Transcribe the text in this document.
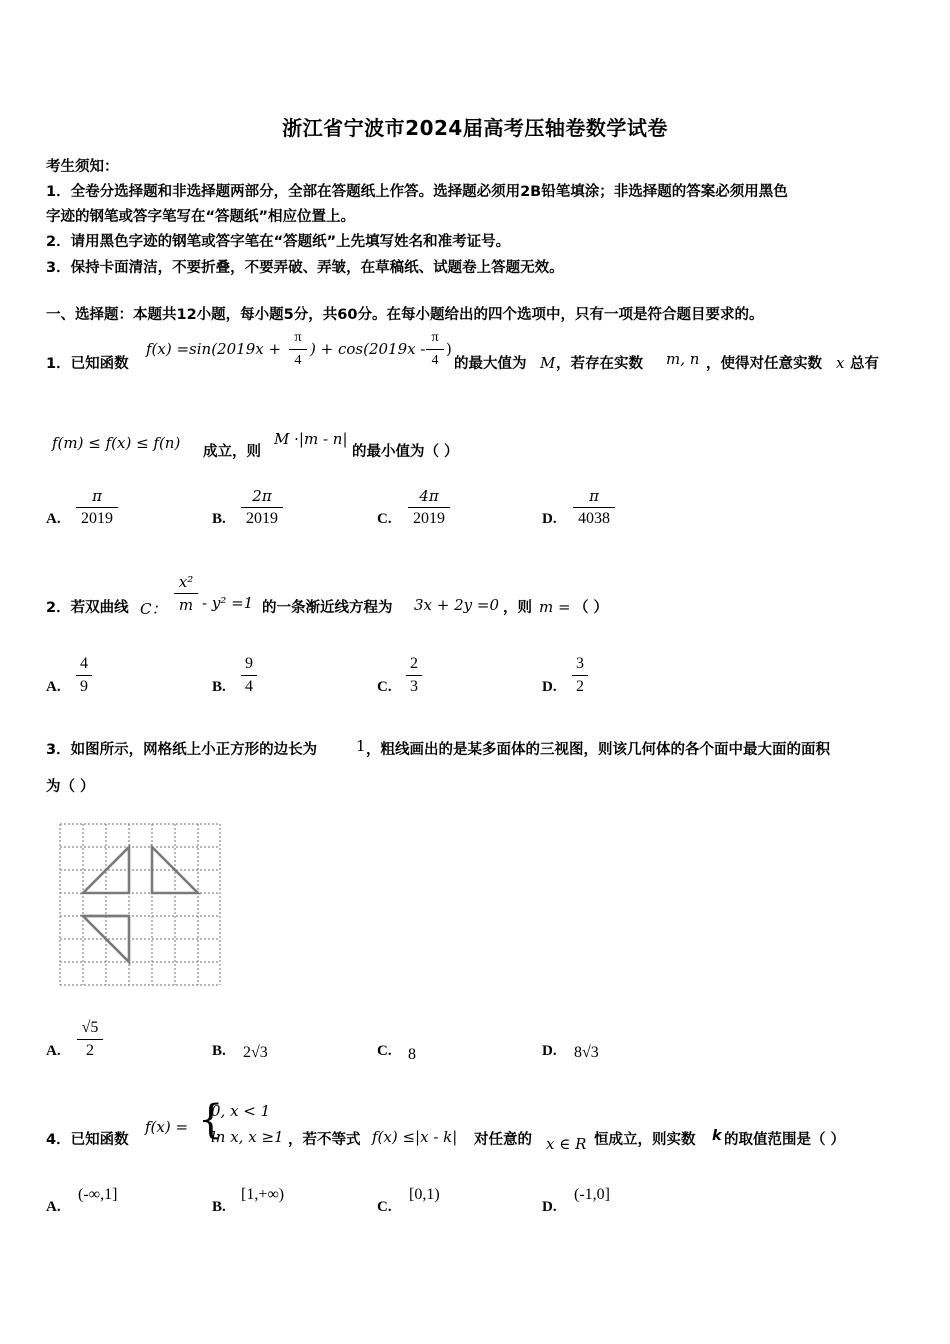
浙江省宁波市2024届高考压轴卷数学试卷
考生须知：
1．全卷分选择题和非选择题两部分，全部在答题纸上作答。选择题必须用2B铅笔填涂；非选择题的答案必须用黑色
字迹的钢笔或答字笔写在“答题纸”相应位置上。
2．请用黑色字迹的钢笔或答字笔在“答题纸”上先填写姓名和准考证号。
3．保持卡面清洁，不要折叠，不要弄破、弄皱，在草稿纸、试题卷上答题无效。
一、选择题：本题共12小题，每小题5分，共60分。在每小题给出的四个选项中，只有一项是符合题目要求的。
1．已知函数
f(x) =sin(2019x +
π
4
) + cos(2019x -
π
4
)
的最大值为 M ，若存在实数 m, n ，使得对任意实数 x 总有
f(m) ≤ f(x) ≤ f(n) 成立，则
M ·|m - n|
的最小值为（ ）
A.
π
2019	B.
2π
2019	C.
4π
2019	D.
π
4038
2．若双曲线 C：
x²
m - y² =1 的一条渐近线方程为 3x + 2y =0 ，则 m = （ ）
A.
4
9	B.
9
4	C.
2
3	D.
3
2
3．如图所示，网格纸上小正方形的边长为	1 ，粗线画出的是某多面体的三视图，则该几何体的各个面中最大面的面积
为（ ）
A.
√5
2	B. 2√3	C. 8	D. 8√3
4．已知函数
f(x) = {
0, x < 1
ln x, x ≥1 ，若不等式 f(x) ≤|x - k| 对任意的 x ∈ R 恒成立，则实数 k 的取值范围是（ ）
A.
(-∞,1]
B.
[1,+∞)
C.
[0,1)
D.
(-1,0]
